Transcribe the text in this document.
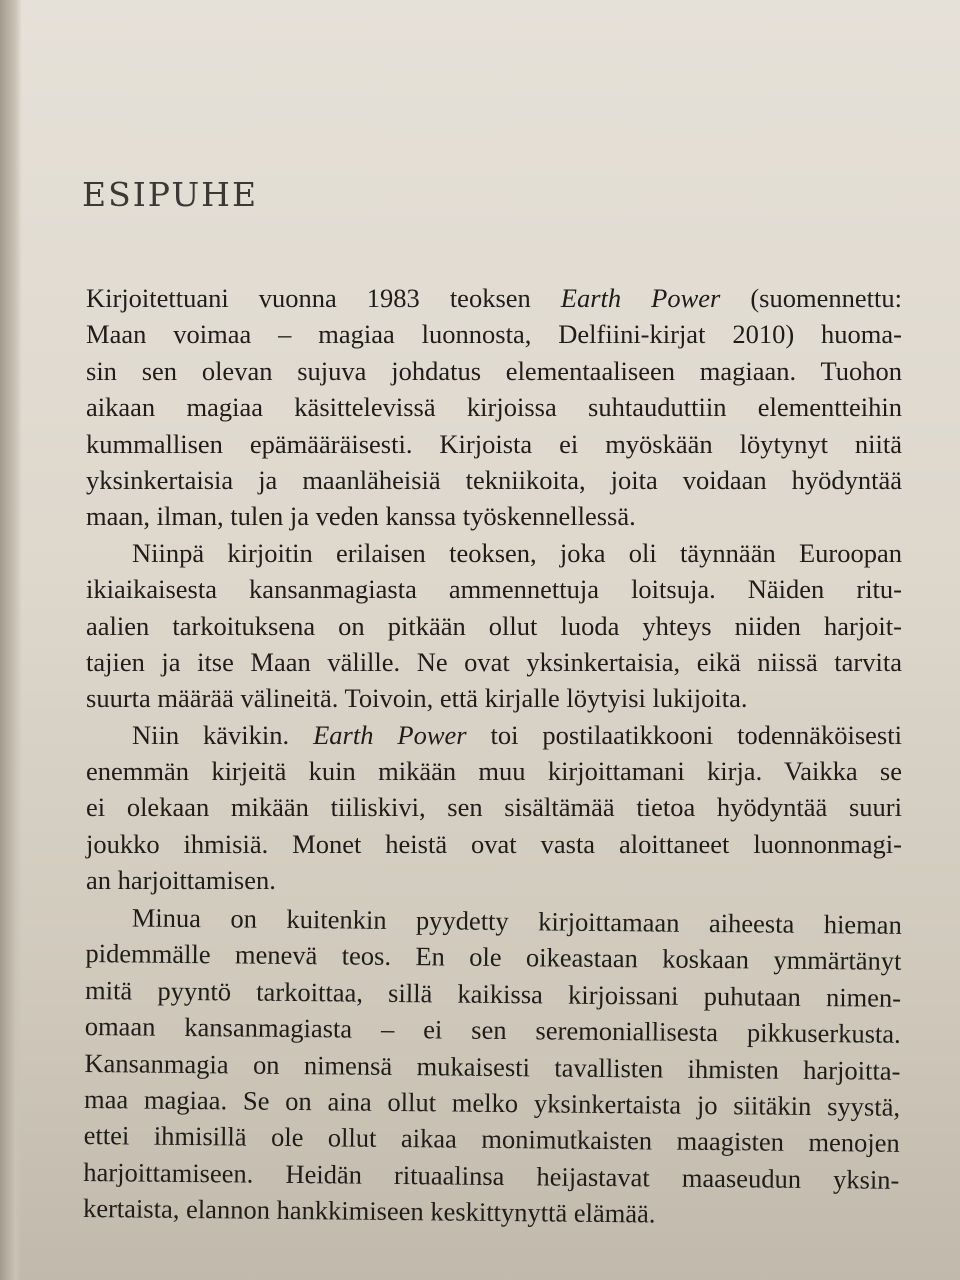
ESIPUHE
Kirjoitettuani vuonna 1983 teoksen Earth Power (suomennettu:
Maan voimaa – magiaa luonnosta, Delfiini-kirjat 2010) huoma-
sin sen olevan sujuva johdatus elementaaliseen magiaan. Tuohon
aikaan magiaa käsittelevissä kirjoissa suhtauduttiin elementteihin
kummallisen epämääräisesti. Kirjoista ei myöskään löytynyt niitä
yksinkertaisia ja maanläheisiä tekniikoita, joita voidaan hyödyntää
maan, ilman, tulen ja veden kanssa työskennellessä.
Niinpä kirjoitin erilaisen teoksen, joka oli täynnään Euroopan
ikiaikaisesta kansanmagiasta ammennettuja loitsuja. Näiden ritu-
aalien tarkoituksena on pitkään ollut luoda yhteys niiden harjoit-
tajien ja itse Maan välille. Ne ovat yksinkertaisia, eikä niissä tarvita
suurta määrää välineitä. Toivoin, että kirjalle löytyisi lukijoita.
Niin kävikin. Earth Power toi postilaatikkooni todennäköisesti
enemmän kirjeitä kuin mikään muu kirjoittamani kirja. Vaikka se
ei olekaan mikään tiiliskivi, sen sisältämää tietoa hyödyntää suuri
joukko ihmisiä. Monet heistä ovat vasta aloittaneet luonnonmagi-
an harjoittamisen.
Minua on kuitenkin pyydetty kirjoittamaan aiheesta hieman
pidemmälle menevä teos. En ole oikeastaan koskaan ymmärtänyt
mitä pyyntö tarkoittaa, sillä kaikissa kirjoissani puhutaan nimen-
omaan kansanmagiasta – ei sen seremoniallisesta pikkuserkusta.
Kansanmagia on nimensä mukaisesti tavallisten ihmisten harjoitta-
maa magiaa. Se on aina ollut melko yksinkertaista jo siitäkin syystä,
ettei ihmisillä ole ollut aikaa monimutkaisten maagisten menojen
harjoittamiseen. Heidän rituaalinsa heijastavat maaseudun yksin-
kertaista, elannon hankkimiseen keskittynyttä elämää.
